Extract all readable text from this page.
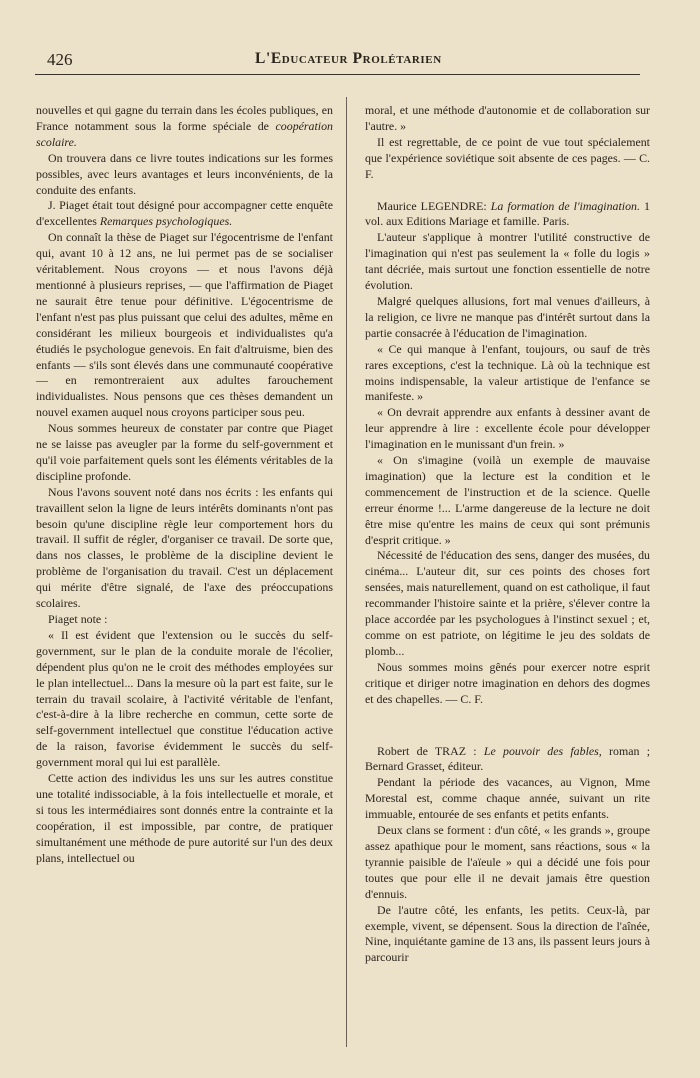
426	L'Educateur Prolétarien

nouvelles et qui gagne du terrain dans les écoles publiques, en France notamment sous la forme spéciale de coopération scolaire.

On trouvera dans ce livre toutes indications sur les formes possibles, avec leurs avantages et leurs inconvénients, de la conduite des enfants.

J. Piaget était tout désigné pour accompagner cette enquête d'excellentes Remarques psychologiques.

On connaît la thèse de Piaget sur l'égocentrisme de l'enfant qui, avant 10 à 12 ans, ne lui permet pas de se socialiser véritablement. Nous croyons — et nous l'avons déjà mentionné à plusieurs reprises, — que l'affirmation de Piaget ne saurait être tenue pour définitive. L'égocentrisme de l'enfant n'est pas plus puissant que celui des adultes, même en considérant les milieux bourgeois et individualistes qu'a étudiés le psychologue genevois. En fait d'altruisme, bien des enfants — s'ils sont élevés dans une communauté coopérative — en remontreraient aux adultes farouchement individualistes. Nous pensons que ces thèses demandent un nouvel examen auquel nous croyons participer sous peu.

Nous sommes heureux de constater par contre que Piaget ne se laisse pas aveugler par la forme du self-government et qu'il voie parfaitement quels sont les éléments véritables de la discipline profonde.

Nous l'avons souvent noté dans nos écrits : les enfants qui travaillent selon la ligne de leurs intérêts dominants n'ont pas besoin qu'une discipline règle leur comportement hors du travail. Il suffit de régler, d'organiser ce travail. De sorte que, dans nos classes, le problème de la discipline devient le problème de l'organisation du travail. C'est un déplacement qui mérite d'être signalé, de l'axe des préoccupations scolaires.

Piaget note :

« Il est évident que l'extension ou le succès du self-government, sur le plan de la conduite morale de l'écolier, dépendent plus qu'on ne le croit des méthodes employées sur le plan intellectuel... Dans la mesure où la part est faite, sur le terrain du travail scolaire, à l'activité véritable de l'enfant, c'est-à-dire à la libre recherche en commun, cette sorte de self-government intellectuel que constitue l'éducation active de la raison, favorise évidemment le succès du self-government moral qui lui est parallèle.

Cette action des individus les uns sur les autres constitue une totalité indissociable, à la fois intellectuelle et morale, et si tous les intermédiaires sont donnés entre la contrainte et la coopération, il est impossible, par contre, de pratiquer simultanément une méthode de pure autorité sur l'un des deux plans, intellectuel ou

moral, et une méthode d'autonomie et de collaboration sur l'autre. »

Il est regrettable, de ce point de vue tout spécialement que l'expérience soviétique soit absente de ces pages. — C. F.

Maurice LEGENDRE: La formation de l'imagination. 1 vol. aux Editions Mariage et famille. Paris.

L'auteur s'applique à montrer l'utilité constructive de l'imagination qui n'est pas seulement la « folle du logis » tant décriée, mais surtout une fonction essentielle de notre évolution.

Malgré quelques allusions, fort mal venues d'ailleurs, à la religion, ce livre ne manque pas d'intérêt surtout dans la partie consacrée à l'éducation de l'imagination.

« Ce qui manque à l'enfant, toujours, ou sauf de très rares exceptions, c'est la technique. Là où la technique est moins indispensable, la valeur artistique de l'enfance se manifeste. »

« On devrait apprendre aux enfants à dessiner avant de leur apprendre à lire : excellente école pour développer l'imagination en le munissant d'un frein. »

« On s'imagine (voilà un exemple de mauvaise imagination) que la lecture est la condition et le commencement de l'instruction et de la science. Quelle erreur énorme !... L'arme dangereuse de la lecture ne doit être mise qu'entre les mains de ceux qui sont prémunis d'esprit critique. »

Nécessité de l'éducation des sens, danger des musées, du cinéma... L'auteur dit, sur ces points des choses fort sensées, mais naturellement, quand on est catholique, il faut recommander l'histoire sainte et la prière, s'élever contre la place accordée par les psychologues à l'instinct sexuel ; et, comme on est patriote, on légitime le jeu des soldats de plomb...

Nous sommes moins gênés pour exercer notre esprit critique et diriger notre imagination en dehors des dogmes et des chapelles. — C. F.

Robert de TRAZ : Le pouvoir des fables, roman ; Bernard Grasset, éditeur.

Pendant la période des vacances, au Vignon, Mme Morestal est, comme chaque année, suivant un rite immuable, entourée de ses enfants et petits enfants.

Deux clans se forment : d'un côté, « les grands », groupe assez apathique pour le moment, sans réactions, sous « la tyrannie paisible de l'aïeule » qui a décidé une fois pour toutes que pour elle il ne devait jamais être question d'ennuis.

De l'autre côté, les enfants, les petits. Ceux-là, par exemple, vivent, se dépensent. Sous la direction de l'aînée, Nine, inquiétante gamine de 13 ans, ils passent leurs jours à parcourir
